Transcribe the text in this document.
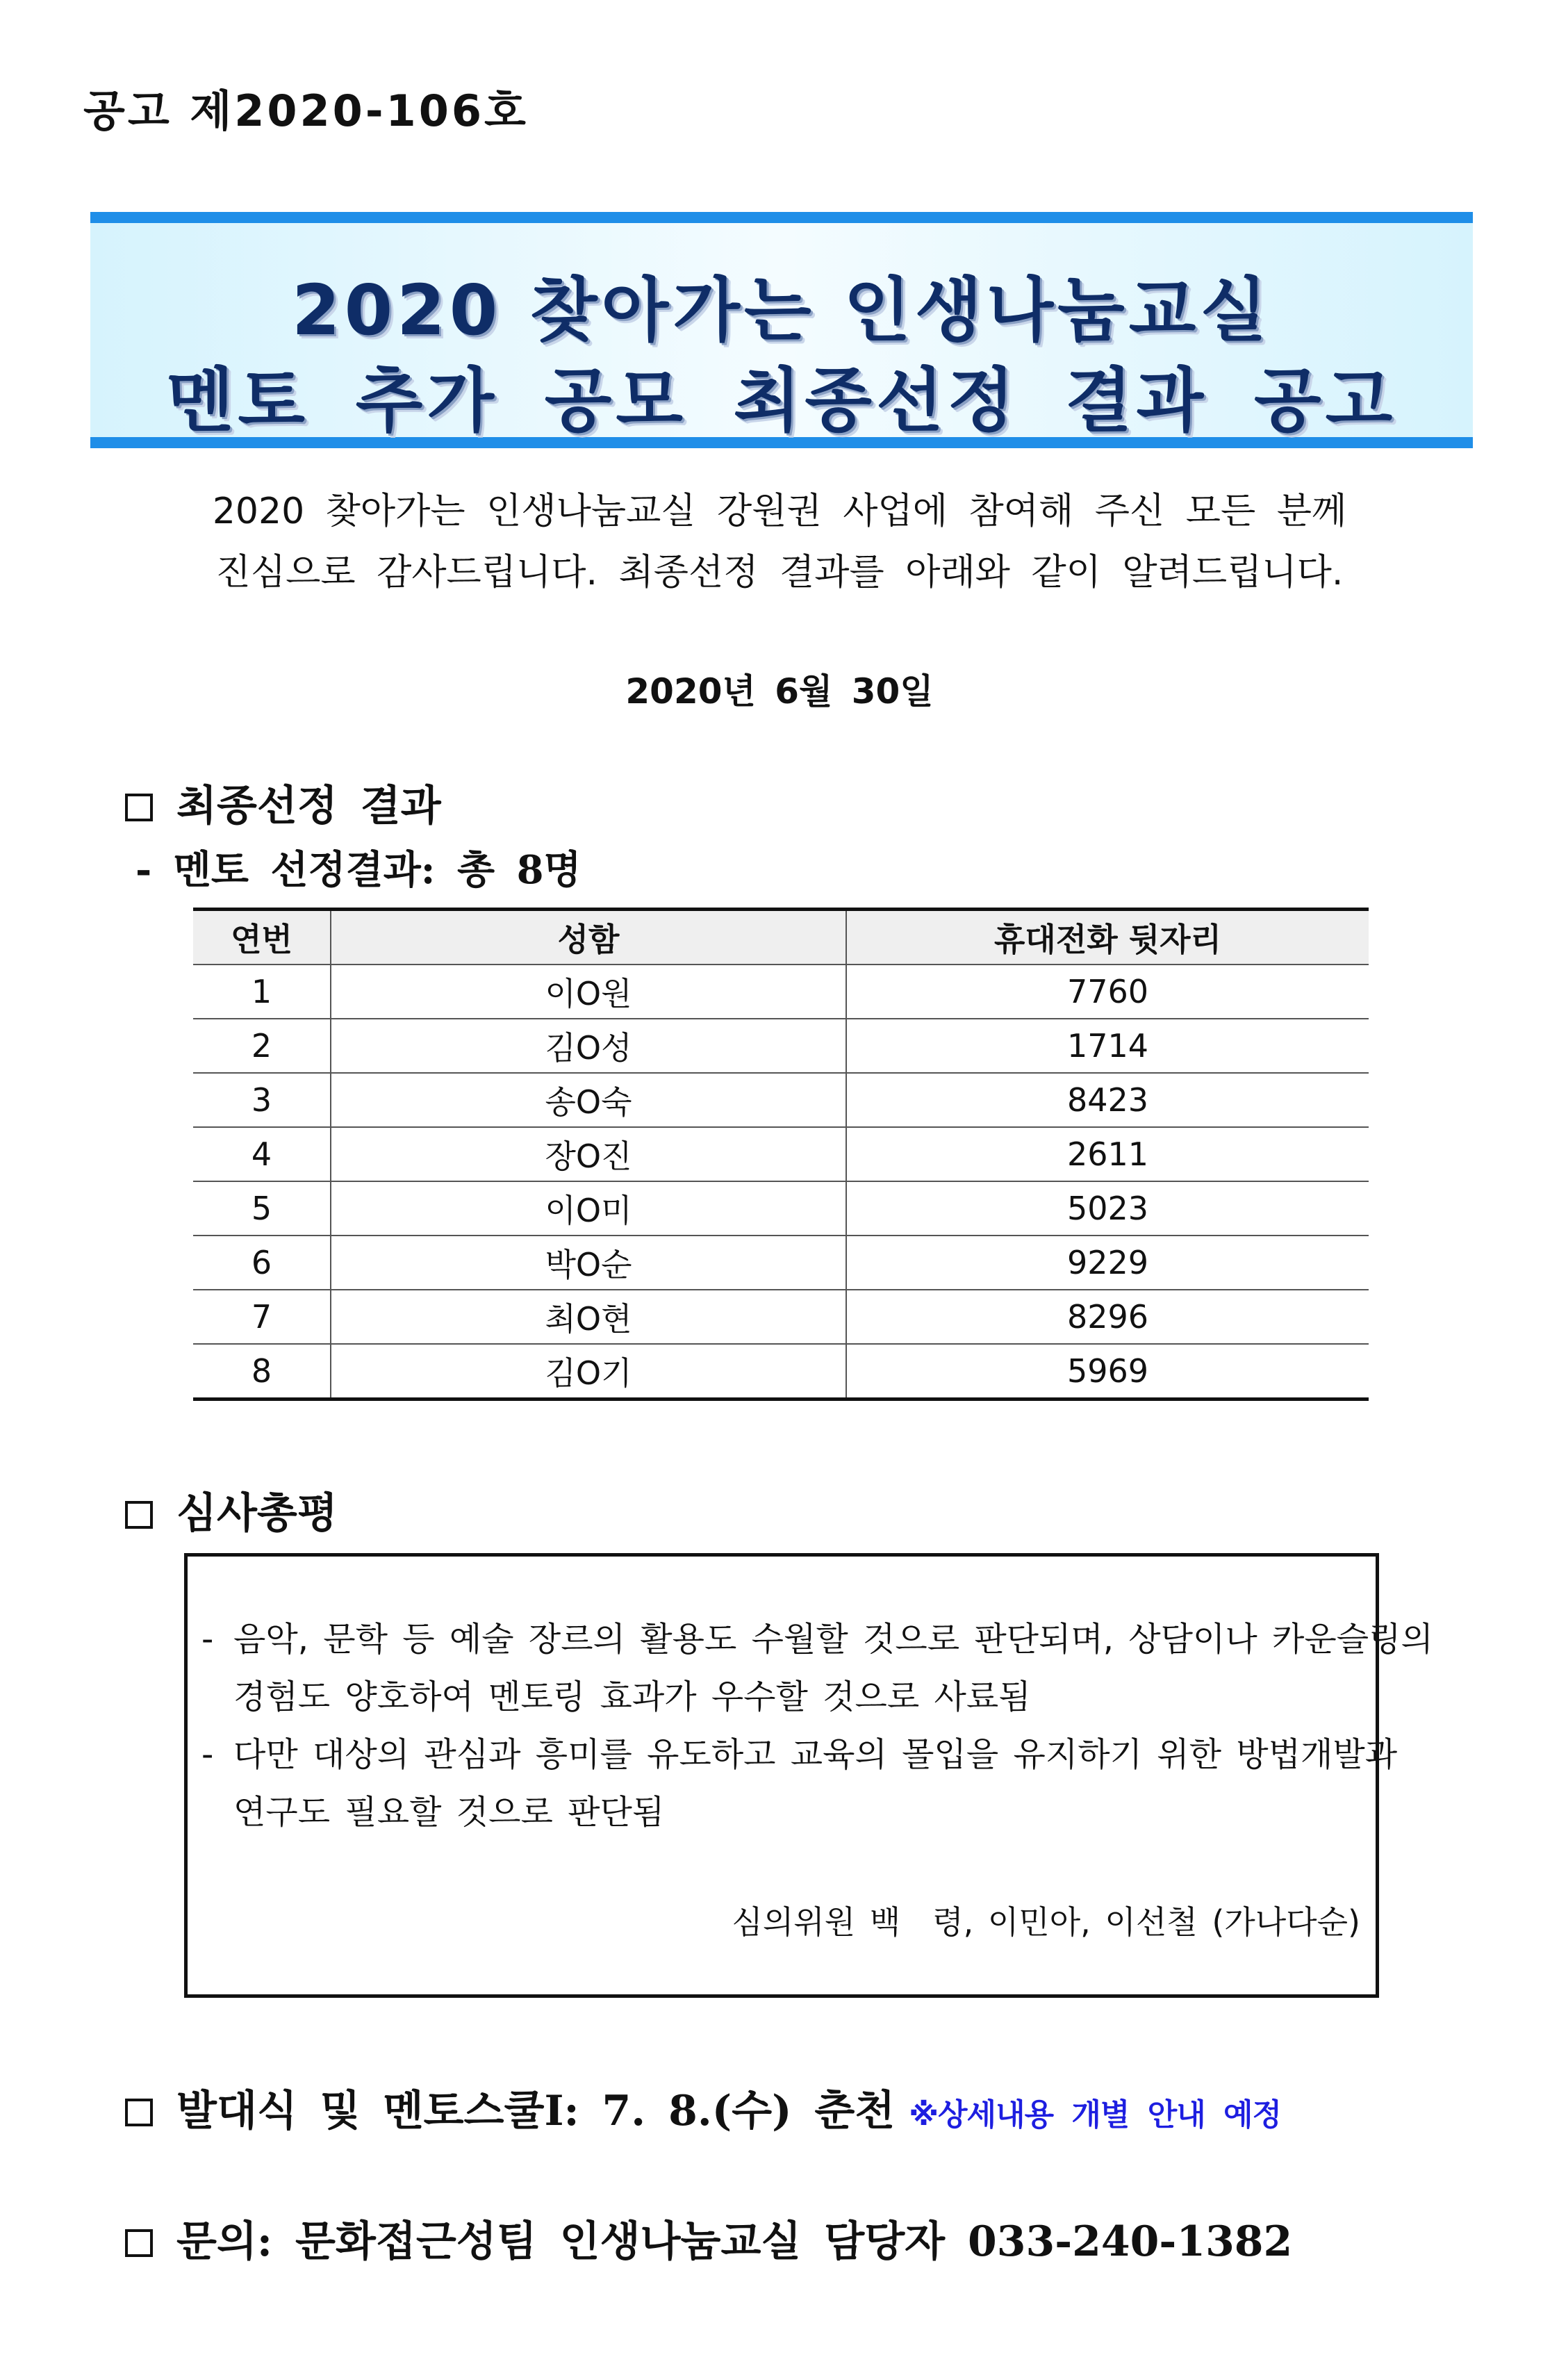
공고 제2020-106호
2020 찾아가는 인생나눔교실
멘토 추가 공모 최종선정 결과 공고
2020 찾아가는 인생나눔교실 강원권 사업에 참여해 주신 모든 분께
진심으로 감사드립니다. 최종선정 결과를 아래와 같이 알려드립니다.
2020년 6월 30일
최종선정 결과
- 멘토 선정결과: 총 8명
연번	성함	휴대전화 뒷자리
1	이O원	7760
2	김O성	1714
3	송O숙	8423
4	장O진	2611
5	이O미	5023
6	박O순	9229
7	최O현	8296
8	김O기	5969
심사총평
- 음악, 문학 등 예술 장르의 활용도 수월할 것으로 판단되며, 상담이나 카운슬링의
경험도 양호하여 멘토링 효과가 우수할 것으로 사료됨
- 다만 대상의 관심과 흥미를 유도하고 교육의 몰입을 유지하기 위한 방법개발과
연구도 필요할 것으로 판단됨
심의위원 백　령, 이민아, 이선철 (가나다순)
발대식 및 멘토스쿨Ⅰ: 7. 8.(수) 춘천 ※상세내용 개별 안내 예정
문의: 문화접근성팀 인생나눔교실 담당자 033-240-1382
